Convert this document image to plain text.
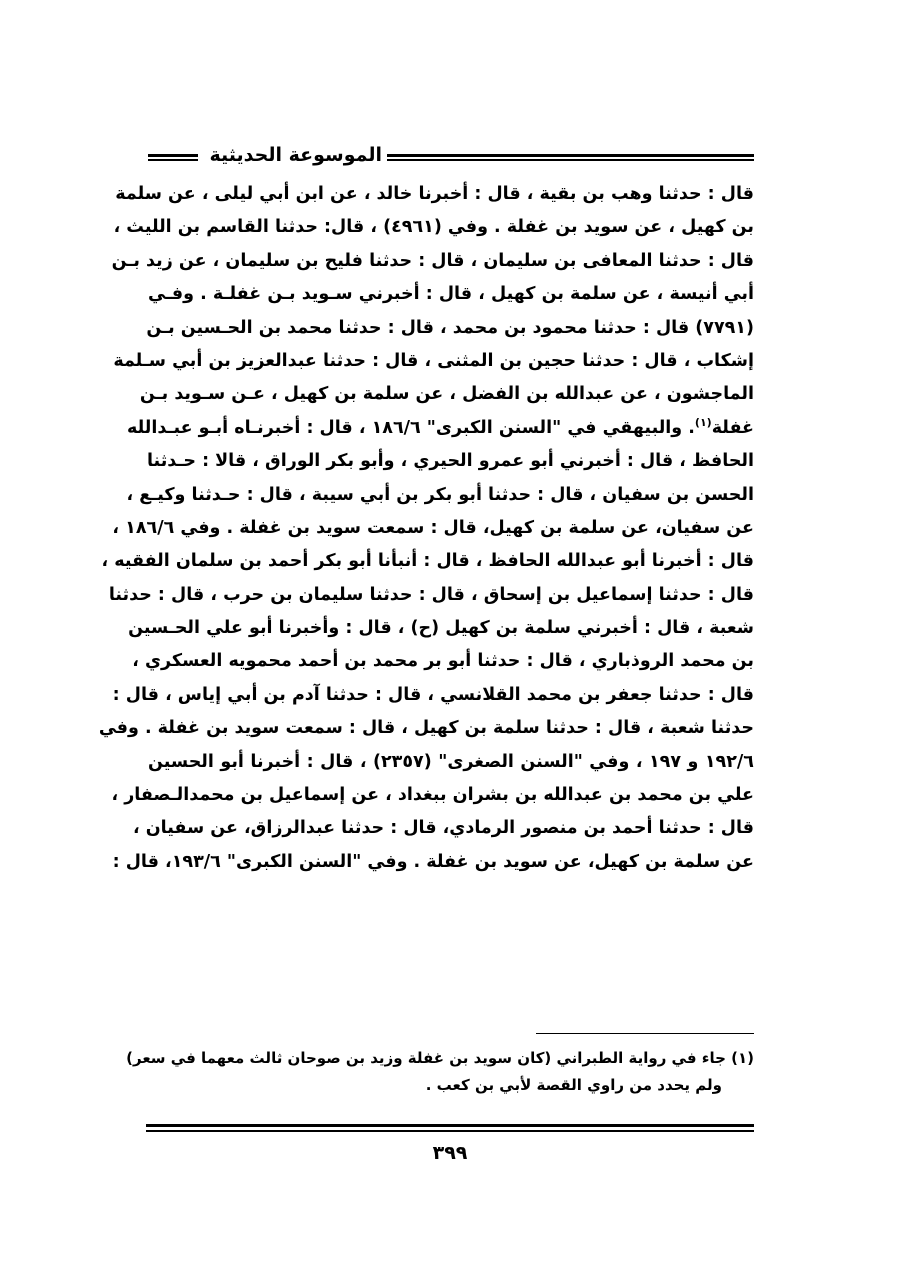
الموسوعة الحديثية
قال : حدثنا وهب بن بقية ، قال : أخبرنا خالد ، عن ابن أبي ليلى ، عن سلمة
بن كهيل ، عن سويد بن غفلة . وفي (٤٩٦١) ، قال: حدثنا القاسم بن الليث ،
قال : حدثنا المعافى بن سليمان ، قال : حدثنا فليح بن سليمان ، عن زيد بـن
أبي أنيسة ، عن سلمة بن كهيل ، قال : أخبرني سـويد بـن غفلـة . وفـي
(٧٧٩١) قال : حدثنا محمود بن محمد ، قال : حدثنا محمد بن الحـسين بـن
إشكاب ، قال : حدثنا حجين بن المثنى ، قال : حدثنا عبدالعزيز بن أبي سـلمة
الماجشون ، عن عبدالله بن الفضل ، عن سلمة بن كهيل ، عـن سـويد بـن
غفلة$^{(١)}$. والبيهقي في "السنن الكبرى" ١٨٦/٦ ، قال : أخبرنـاه أبـو عبـدالله
الحافظ ، قال : أخبرني أبو عمرو الحيري ، وأبو بكر الوراق ، قالا : حـدثنا
الحسن بن سفيان ، قال : حدثنا أبو بكر بن أبي سيبة ، قال : حـدثنا وكيـع ،
عن سفيان، عن سلمة بن كهيل، قال : سمعت سويد بن غفلة . وفي ١٨٦/٦ ،
قال : أخبرنا أبو عبدالله الحافظ ، قال : أنبأنا أبو بكر أحمد بن سلمان الفقيه ،
قال : حدثنا إسماعيل بن إسحاق ، قال : حدثنا سليمان بن حرب ، قال : حدثنا
شعبة ، قال : أخبرني سلمة بن كهيل (ح) ، قال : وأخبرنا أبو علي الحـسين
بن محمد الروذباري ، قال : حدثنا أبو بر محمد بن أحمد محمويه العسكري ،
قال : حدثنا جعفر بن محمد القلانسي ، قال : حدثنا آدم بن أبي إياس ، قال :
حدثنا شعبة ، قال : حدثنا سلمة بن كهيل ، قال : سمعت سويد بن غفلة . وفي
١٩٢/٦ و ١٩٧ ، وفي "السنن الصغرى" (٢٣٥٧) ، قال : أخبرنا أبو الحسين
علي بن محمد بن عبدالله بن بشران ببغداد ، عن إسماعيل بن محمدالـصفار ،
قال : حدثنا أحمد بن منصور الرمادي، قال : حدثنا عبدالرزاق، عن سفيان ،
عن سلمة بن كهيل، عن سويد بن غفلة . وفي "السنن الكبرى" ١٩٣/٦، قال :
(١) جاء في رواية الطبراني (كان سويد بن غفلة وزيد بن صوحان ثالث معهما في سعر)
ولم يحدد من راوي القصة لأبي بن كعب .
٣٩٩
